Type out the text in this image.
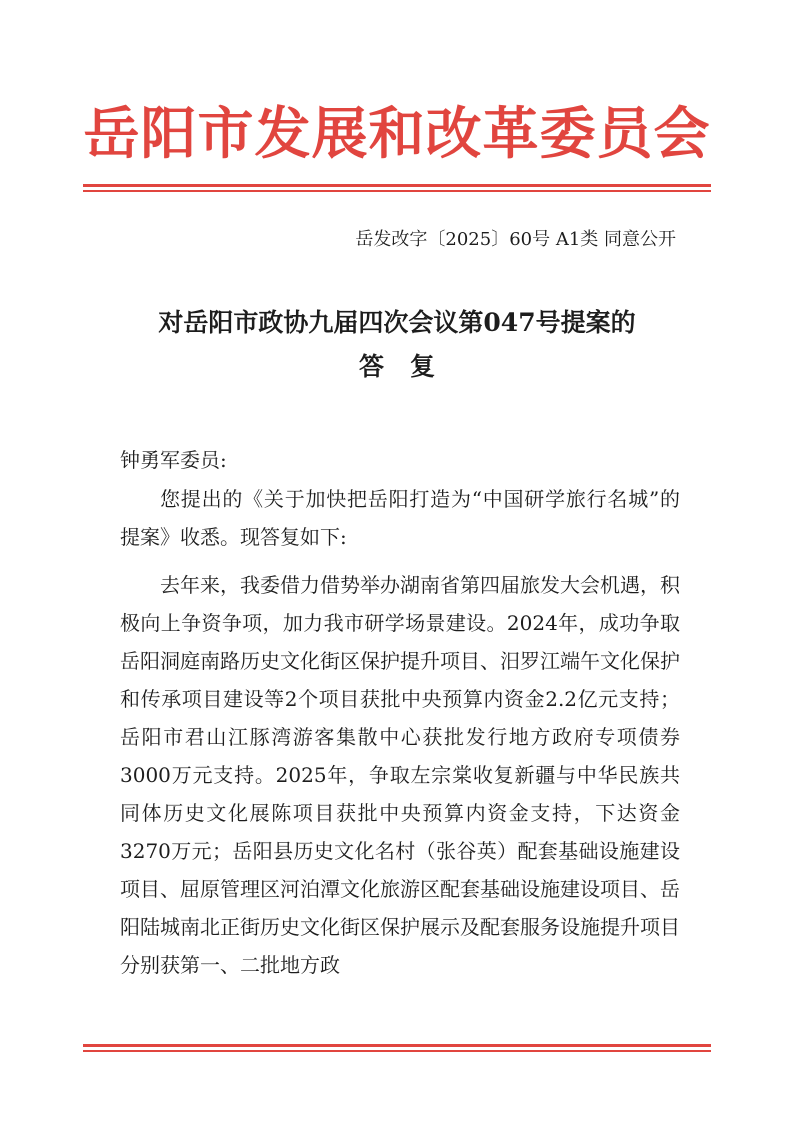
岳阳市发展和改革委员会
岳发改字〔2025〕60号 A1类 同意公开
对岳阳市政协九届四次会议第047号提案的
答复
钟勇军委员:
您提出的《关于加快把岳阳打造为“中国研学旅行名城”的提案》收悉。现答复如下:
去年来，我委借力借势举办湖南省第四届旅发大会机遇，积极向上争资争项，加力我市研学场景建设。2024年，成功争取岳阳洞庭南路历史文化街区保护提升项目、汨罗江端午文化保护和传承项目建设等2个项目获批中央预算内资金2.2亿元支持；岳阳市君山江豚湾游客集散中心获批发行地方政府专项债券3000万元支持。2025年，争取左宗棠收复新疆与中华民族共同体历史文化展陈项目获批中央预算内资金支持，下达资金3270万元；岳阳县历史文化名村（张谷英）配套基础设施建设项目、屈原管理区河泊潭文化旅游区配套基础设施建设项目、岳阳陆城南北正街历史文化街区保护展示及配套服务设施提升项目分别获第一、二批地方政
